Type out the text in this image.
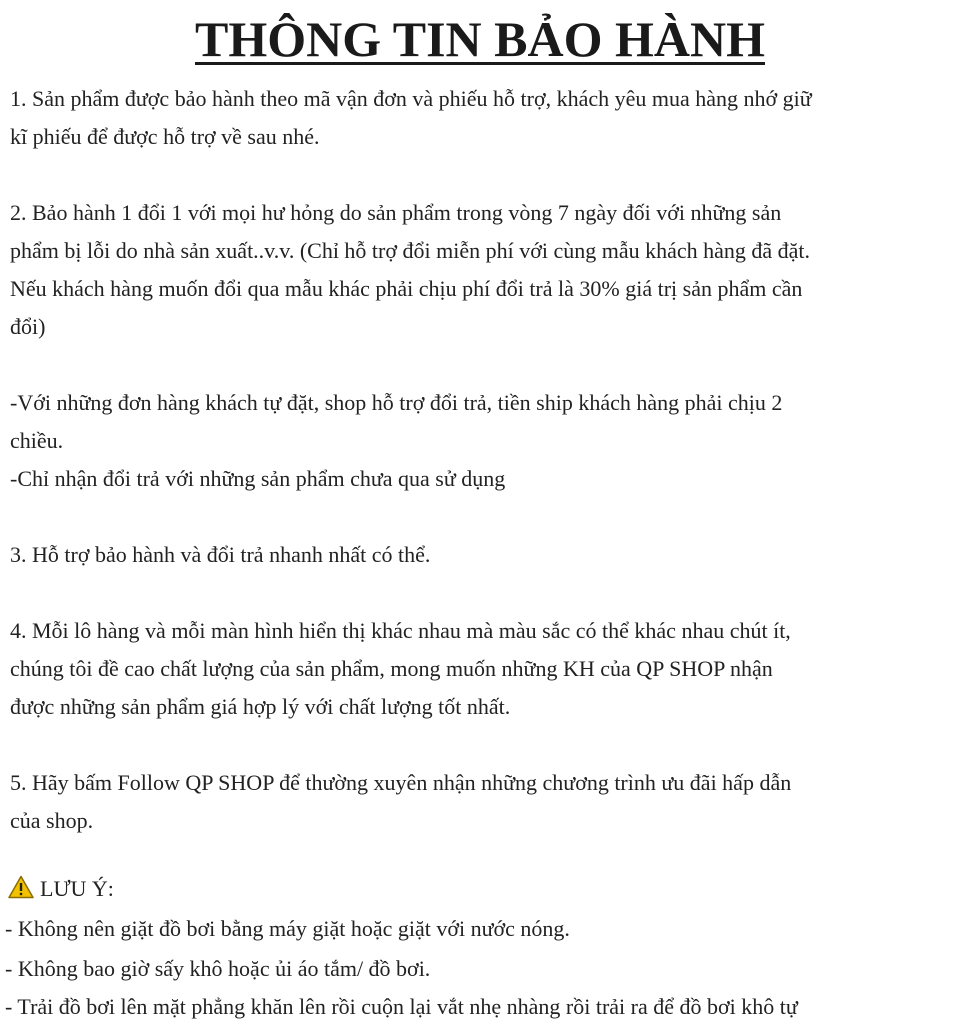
THÔNG TIN BẢO HÀNH

1. Sản phẩm được bảo hành theo mã vận đơn và phiếu hỗ trợ, khách yêu mua hàng nhớ giữ
kĩ phiếu để được hỗ trợ về sau nhé.

2. Bảo hành 1 đổi 1 với mọi hư hỏng do sản phẩm trong vòng 7 ngày đối với những sản
phẩm bị lỗi do nhà sản xuất..v.v. (Chỉ hỗ trợ đổi miễn phí với cùng mẫu khách hàng đã đặt.
Nếu khách hàng muốn đổi qua mẫu khác phải chịu phí đổi trả là 30% giá trị sản phẩm cần
đổi)

-Với những đơn hàng khách tự đặt, shop hỗ trợ đổi trả, tiền ship khách hàng phải chịu 2
chiều.
-Chỉ nhận đổi trả với những sản phẩm chưa qua sử dụng

3. Hỗ trợ bảo hành và đổi trả nhanh nhất có thể.

4. Mỗi lô hàng và mỗi màn hình hiển thị khác nhau mà màu sắc có thể khác nhau chút ít,
chúng tôi đề cao chất lượng của sản phẩm, mong muốn những KH của QP SHOP nhận
được những sản phẩm giá hợp lý với chất lượng tốt nhất.

5. Hãy bấm Follow QP SHOP để thường xuyên nhận những chương trình ưu đãi hấp dẫn
của shop.

LƯU Ý:
- Không nên giặt đồ bơi bằng máy giặt hoặc giặt với nước nóng.
- Không bao giờ sấy khô hoặc ủi áo tắm/ đồ bơi.
- Trải đồ bơi lên mặt phẳng khăn lên rồi cuộn lại vắt nhẹ nhàng rồi trải ra để đồ bơi khô tự
